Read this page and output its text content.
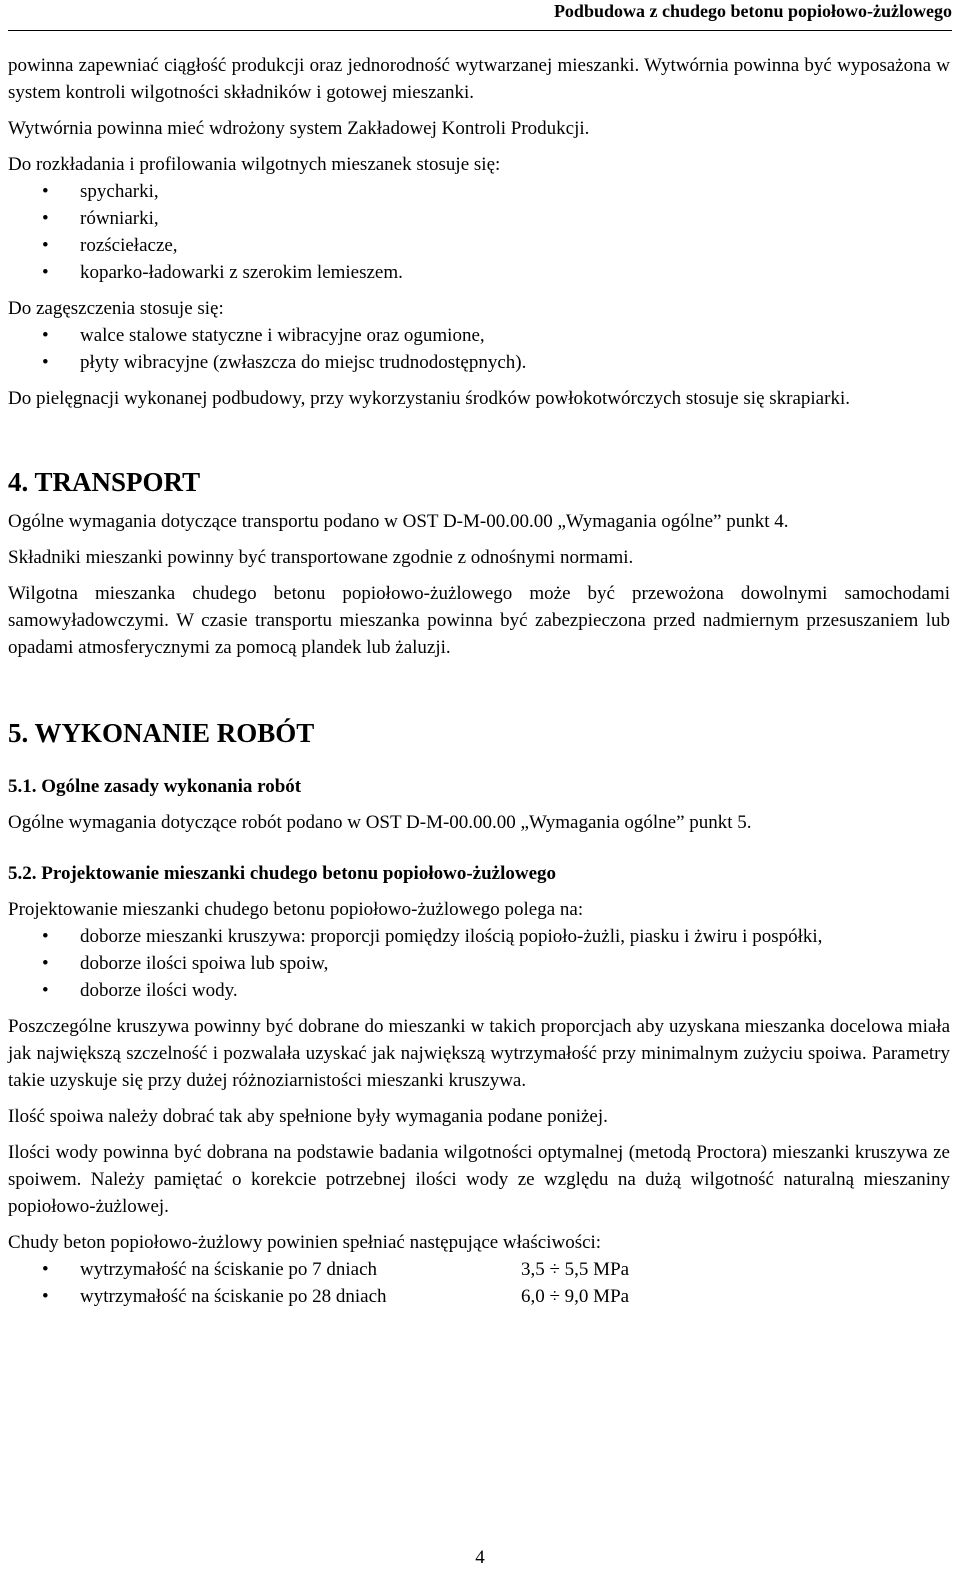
Podbudowa z chudego betonu popiołowo-żużlowego

powinna zapewniać ciągłość produkcji oraz jednorodność wytwarzanej mieszanki. Wytwórnia powinna być wyposażona w system kontroli wilgotności składników i gotowej mieszanki.

Wytwórnia powinna mieć wdrożony system Zakładowej Kontroli Produkcji.

Do rozkładania i profilowania wilgotnych mieszanek stosuje się:

• spycharki,
• równiarki,
• rozściełacze,
• koparko-ładowarki z szerokim lemieszem.

Do zagęszczenia stosuje się:

• walce stalowe statyczne i wibracyjne oraz ogumione,
• płyty wibracyjne (zwłaszcza do miejsc trudnodostępnych).

Do pielęgnacji wykonanej podbudowy, przy wykorzystaniu środków powłokotwórczych stosuje się skrapiarki.

4. TRANSPORT

Ogólne wymagania dotyczące transportu podano w OST D-M-00.00.00 „Wymagania ogólne” punkt 4.

Składniki mieszanki powinny być transportowane zgodnie z odnośnymi normami.

Wilgotna mieszanka chudego betonu popiołowo-żużlowego może być przewożona dowolnymi samochodami samowyładowczymi. W czasie transportu mieszanka powinna być zabezpieczona przed nadmiernym przesuszaniem lub opadami atmosferycznymi za pomocą plandek lub żaluzji.

5. WYKONANIE ROBÓT
5.1. Ogólne zasady wykonania robót

Ogólne wymagania dotyczące robót podano w OST D-M-00.00.00 „Wymagania ogólne” punkt 5.

5.2. Projektowanie mieszanki chudego betonu popiołowo-żużlowego

Projektowanie mieszanki chudego betonu popiołowo-żużlowego polega na:

• doborze mieszanki kruszywa: proporcji pomiędzy ilością popioło-żużli, piasku i żwiru i pospółki,
• doborze ilości spoiwa lub spoiw,
• doborze ilości wody.

Poszczególne kruszywa powinny być dobrane do mieszanki w takich proporcjach aby uzyskana mieszanka docelowa miała jak największą szczelność i pozwalała uzyskać jak największą wytrzymałość przy minimalnym zużyciu spoiwa. Parametry takie uzyskuje się przy dużej różnoziarnistości mieszanki kruszywa.

Ilość spoiwa należy dobrać tak aby spełnione były wymagania podane poniżej.

Ilości wody powinna być dobrana na podstawie badania wilgotności optymalnej (metodą Proctora) mieszanki kruszywa ze spoiwem. Należy pamiętać o korekcie potrzebnej ilości wody ze względu na dużą wilgotność naturalną mieszaniny popiołowo-żużlowej.

Chudy beton popiołowo-żużlowy powinien spełniać następujące właściwości:

• wytrzymałość na ściskanie po 7 dniach	3,5 ÷ 5,5 MPa
• wytrzymałość na ściskanie po 28 dniach	6,0 ÷ 9,0 MPa
4
